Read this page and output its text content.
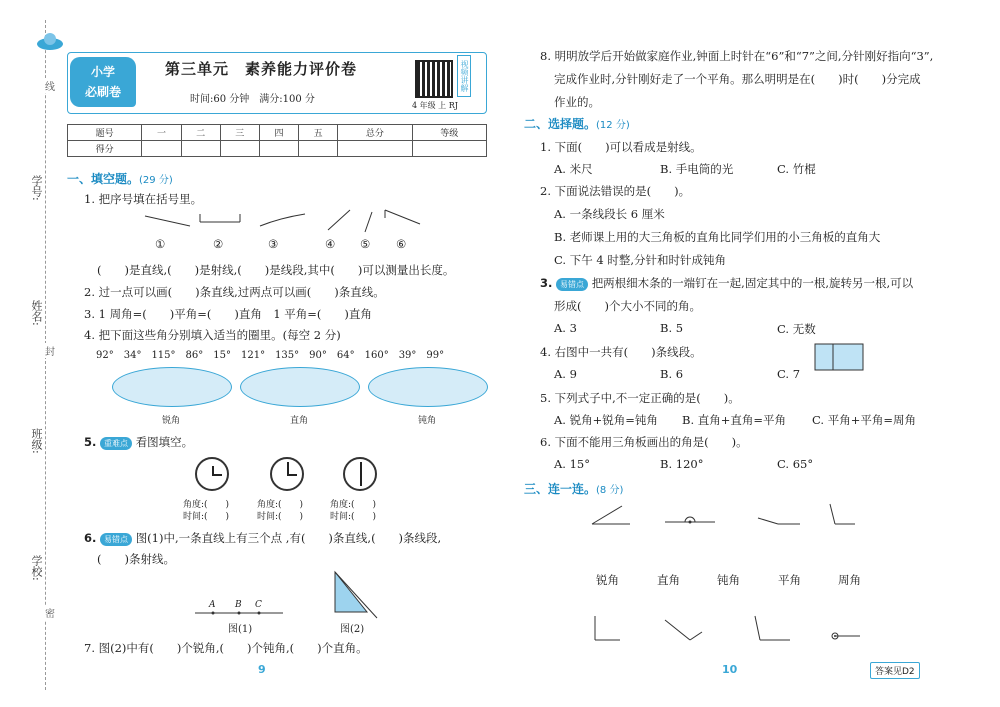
线
学号:
姓名:
封
班级:
学校:
密
小学
必刷卷
第三单元　素养能力评价卷
时间:60 分钟　满分:100 分
视频讲解
4 年级 上 RJ
题号	一	二	三	四	五	总分	等级
得分							
一、填空题。(29 分)
1. 把序号填在括号里。
①	②	③	④ ⑤ ⑥
(　　)是直线,(　　)是射线,(　　)是线段,其中(　　)可以测量出长度。
2. 过一点可以画(　　)条直线,过两点可以画(　　)条直线。
3. 1 周角=(　　)平角=(　　)直角　1 平角=(　　)直角
4. 把下面这些角分别填入适当的圈里。(每空 2 分)
92°　34°　115°　86°　15°　121°　135°　90°　64°　160°　39°　99°
锐角	直角	钝角
5. 重难点 看图填空。
角度:(　　)
时间:(　　)
角度:(　　)
时间:(　　)
角度:(　　)
时间:(　　)
6. 易错点 图(1)中,一条直线上有三个点 ,有(　　)条直线,(　　)条线段,
(　　)条射线。
A B C
图(1)	图(2)
7. 图(2)中有(　　)个锐角,(　　)个钝角,(　　)个直角。
9
8. 明明放学后开始做家庭作业,钟面上时针在“6”和“7”之间,分针刚好指向“3”,
完成作业时,分针刚好走了一个平角。那么明明是在(　　)时(　　)分完成
作业的。
二、选择题。(12 分)
1. 下面(　　)可以看成是射线。
A. 米尺	B. 手电筒的光	C. 竹棍
2. 下面说法错误的是(　　)。
A. 一条线段长 6 厘米
B. 老师课上用的大三角板的直角比同学们用的小三角板的直角大
C. 下午 4 时整,分针和时针成钝角
3. 易错点 把两根细木条的一端钉在一起,固定其中的一根,旋转另一根,可以
形成(　　)个大小不同的角。
A. 3	B. 5	C. 无数
4. 右图中一共有(　　)条线段。
A. 9	B. 6	C. 7
5. 下列式子中,不一定正确的是(　　)。
A. 锐角+锐角=钝角 B. 直角+直角=平角 C. 平角+平角=周角
6. 下面不能用三角板画出的角是(　　)。
A. 15°	B. 120°	C. 65°
三、连一连。(8 分)
锐角	直角	钝角	平角	周角
10	答案见D2
